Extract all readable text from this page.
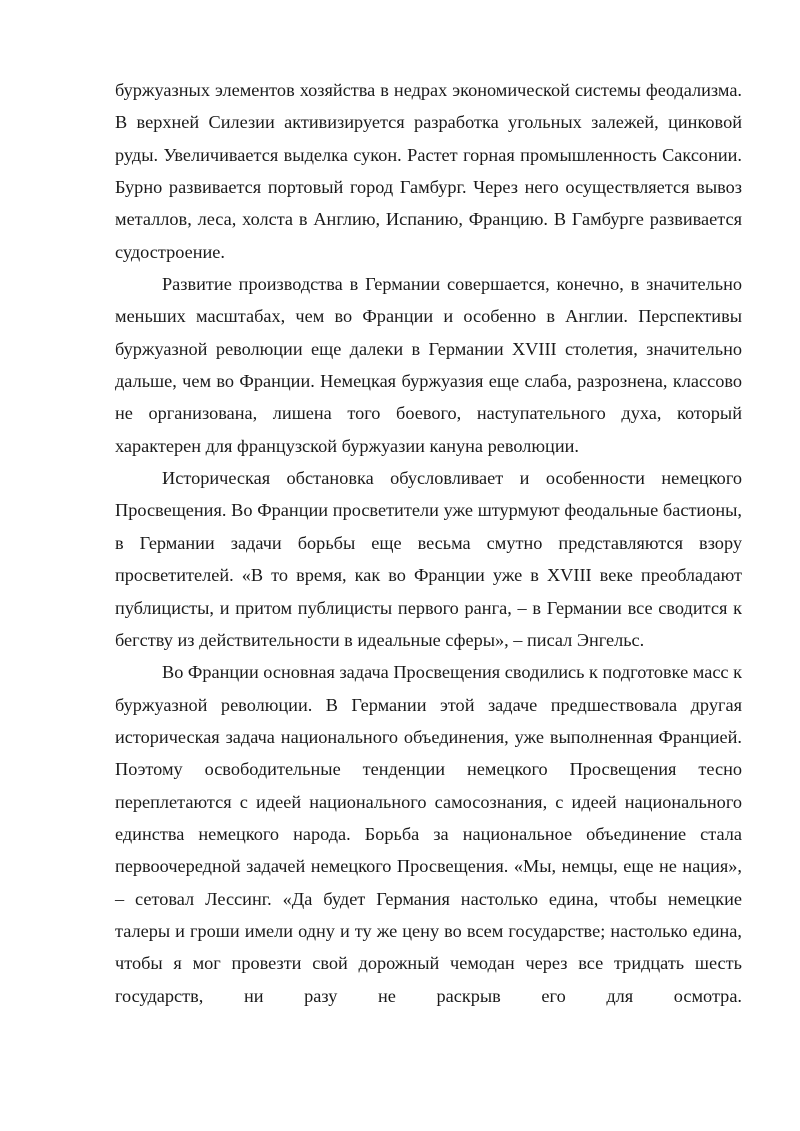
буржуазных элементов хозяйства в недрах экономической системы феодализма. В верхней Силезии активизируется разработка угольных залежей, цинковой руды. Увеличивается выделка сукон. Растет горная промышленность Саксонии. Бурно развивается портовый город Гамбург. Через него осуществляется вывоз металлов, леса, холста в Англию, Испанию, Францию. В Гамбурге развивается судостроение.

Развитие производства в Германии совершается, конечно, в значительно меньших масштабах, чем во Франции и особенно в Англии. Перспективы буржуазной революции еще далеки в Германии XVIII столетия, значительно дальше, чем во Франции. Немецкая буржуазия еще слаба, разрознена, классово не организована, лишена того боевого, наступательного духа, который характерен для французской буржуазии кануна революции.

Историческая обстановка обусловливает и особенности немецкого Просвещения. Во Франции просветители уже штурмуют феодальные бастионы, в Германии задачи борьбы еще весьма смутно представляются взору просветителей. «В то время, как во Франции уже в XVIII веке преобладают публицисты, и притом публицисты первого ранга, – в Германии все сводится к бегству из действительности в идеальные сферы», – писал Энгельс.

Во Франции основная задача Просвещения сводились к подготовке масс к буржуазной революции. В Германии этой задаче предшествовала другая историческая задача национального объединения, уже выполненная Францией. Поэтому освободительные тенденции немецкого Просвещения тесно переплетаются с идеей национального самосознания, с идеей национального единства немецкого народа. Борьба за национальное объединение стала первоочередной задачей немецкого Просвещения. «Мы, немцы, еще не нация», – сетовал Лессинг. «Да будет Германия настолько едина, чтобы немецкие талеры и гроши имели одну и ту же цену во всем государстве; настолько едина, чтобы я мог провезти свой дорожный чемодан через все тридцать шесть государств, ни разу не раскрыв его для осмотра.
